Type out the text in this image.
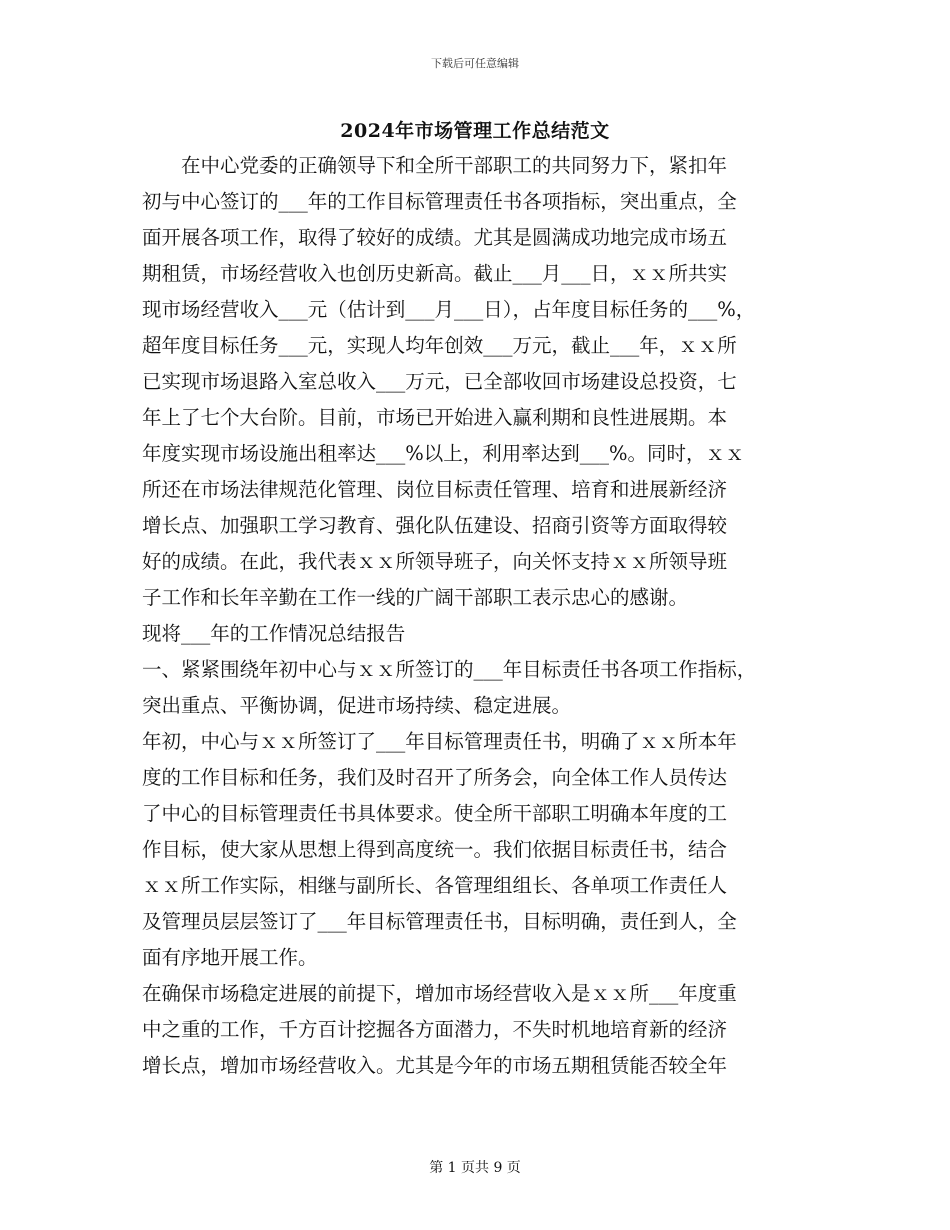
下载后可任意编辑
2024年市场管理工作总结范文
　　在中心党委的正确领导下和全所干部职工的共同努力下，紧扣年
初与中心签订的___年的工作目标管理责任书各项指标，突出重点，全
面开展各项工作，取得了较好的成绩。尤其是圆满成功地完成市场五
期租赁，市场经营收入也创历史新高。截止___月___日，ｘｘ所共实
现市场经营收入___元（估计到___月___日），占年度目标任务的___%，
超年度目标任务___元，实现人均年创效___万元，截止___年，ｘｘ所
已实现市场退路入室总收入___万元，已全部收回市场建设总投资，七
年上了七个大台阶。目前，市场已开始进入赢利期和良性进展期。本
年度实现市场设施出租率达___%以上，利用率达到___%。同时，ｘｘ
所还在市场法律规范化管理、岗位目标责任管理、培育和进展新经济
增长点、加强职工学习教育、强化队伍建设、招商引资等方面取得较
好的成绩。在此，我代表ｘｘ所领导班子，向关怀支持ｘｘ所领导班
子工作和长年辛勤在工作一线的广阔干部职工表示忠心的感谢。
现将___年的工作情况总结报告
一、紧紧围绕年初中心与ｘｘ所签订的___年目标责任书各项工作指标，
突出重点、平衡协调，促进市场持续、稳定进展。
年初，中心与ｘｘ所签订了___年目标管理责任书，明确了ｘｘ所本年
度的工作目标和任务，我们及时召开了所务会，向全体工作人员传达
了中心的目标管理责任书具体要求。使全所干部职工明确本年度的工
作目标，使大家从思想上得到高度统一。我们依据目标责任书，结合
ｘｘ所工作实际，相继与副所长、各管理组组长、各单项工作责任人
及管理员层层签订了___年目标管理责任书，目标明确，责任到人，全
面有序地开展工作。
在确保市场稳定进展的前提下，增加市场经营收入是ｘｘ所___年度重
中之重的工作，千方百计挖掘各方面潜力，不失时机地培育新的经济
增长点，增加市场经营收入。尤其是今年的市场五期租赁能否较全年
第 1 页共 9 页
